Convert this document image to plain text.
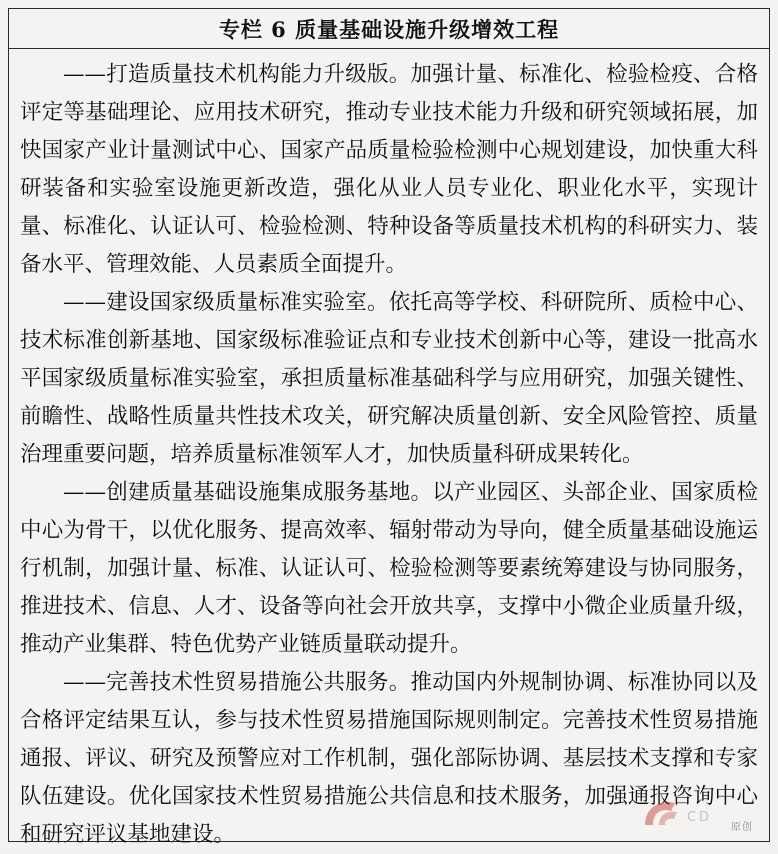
专栏 6 质量基础设施升级增效工程

——打造质量技术机构能力升级版。加强计量、标准化、检验检疫、合格评定等基础理论、应用技术研究，推动专业技术能力升级和研究领域拓展，加快国家产业计量测试中心、国家产品质量检验检测中心规划建设，加快重大科研装备和实验室设施更新改造，强化从业人员专业化、职业化水平，实现计量、标准化、认证认可、检验检测、特种设备等质量技术机构的科研实力、装备水平、管理效能、人员素质全面提升。

——建设国家级质量标准实验室。依托高等学校、科研院所、质检中心、技术标准创新基地、国家级标准验证点和专业技术创新中心等，建设一批高水平国家级质量标准实验室，承担质量标准基础科学与应用研究，加强关键性、前瞻性、战略性质量共性技术攻关，研究解决质量创新、安全风险管控、质量治理重要问题，培养质量标准领军人才，加快质量科研成果转化。

——创建质量基础设施集成服务基地。以产业园区、头部企业、国家质检中心为骨干，以优化服务、提高效率、辐射带动为导向，健全质量基础设施运行机制，加强计量、标准、认证认可、检验检测等要素统筹建设与协同服务，推进技术、信息、人才、设备等向社会开放共享，支撑中小微企业质量升级，推动产业集群、特色优势产业链质量联动提升。

——完善技术性贸易措施公共服务。推动国内外规制协调、标准协同以及合格评定结果互认，参与技术性贸易措施国际规则制定。完善技术性贸易措施通报、评议、研究及预警应对工作机制，强化部际协调、基层技术支撑和专家队伍建设。优化国家技术性贸易措施公共信息和技术服务，加强通报咨询中心和研究评议基地建设。

C D
原创
